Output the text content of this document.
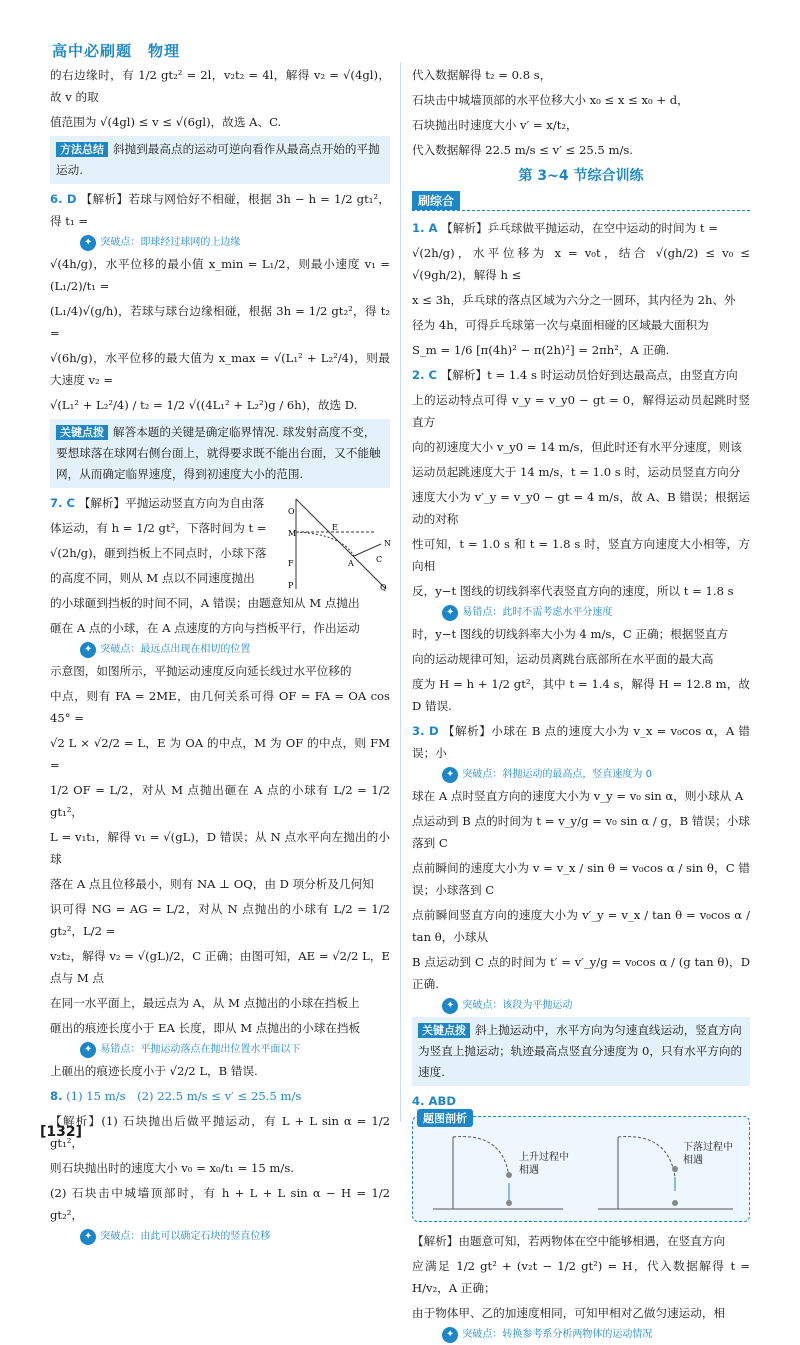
高中必刷题　物理

的右边缘时，有 1/2 gt₂² = 2l，v₂t₂ = 4l，解得 v₂ = √(4gl)，故 v 的取

值范围为 √(4gl) ≤ v ≤ √(6gl)，故选 A、C.

方法总结 斜抛到最高点的运动可逆向看作从最高点开始的平抛运动.

6. D 【解析】若球与网恰好不相碰，根据 3h − h = 1/2 gt₁²，得 t₁ =

✦ 突破点：即球经过球网的上边缘

√(4h/g)，水平位移的最小值 x_min = L₁/2，则最小速度 v₁ = (L₁/2)/t₁ =

(L₁/4)√(g/h)，若球与球台边缘相碰，根据 3h = 1/2 gt₂²，得 t₂ =

√(6h/g)，水平位移的最大值为 x_max = √(L₁² + L₂²/4)，则最大速度 v₂ =

√(L₁² + L₂²/4) / t₂ = 1/2 √((4L₁² + L₂²)g / 6h)，故选 D.

关键点拨 解答本题的关键是确定临界情况. 球发射高度不变，要想球落在球网右侧台面上，就得要求既不能出台面，又不能触网，从而确定临界速度，得到初速度大小的范围.
O
M
F
P
E
N
C
A
Q

7. C 【解析】平抛运动竖直方向为自由落

体运动，有 h = 1/2 gt²，下落时间为 t =

√(2h/g)，砸到挡板上不同点时，小球下落

的高度不同，则从 M 点以不同速度抛出

的小球砸到挡板的时间不同，A 错误；由题意知从 M 点抛出

砸在 A 点的小球，在 A 点速度的方向与挡板平行，作出运动

✦ 突破点：最远点出现在相切的位置

示意图，如图所示，平抛运动速度反向延长线过水平位移的

中点，则有 FA = 2ME，由几何关系可得 OF = FA = OA cos 45° =

√2 L × √2/2 = L，E 为 OA 的中点，M 为 OF 的中点，则 FM =

1/2 OF = L/2，对从 M 点抛出砸在 A 点的小球有 L/2 = 1/2 gt₁²，

L = v₁t₁，解得 v₁ = √(gL)，D 错误；从 N 点水平向左抛出的小球

落在 A 点且位移最小，则有 NA ⊥ OQ，由 D 项分析及几何知

识可得 NG = AG = L/2，对从 N 点抛出的小球有 L/2 = 1/2 gt₂²，L/2 =

v₂t₂，解得 v₂ = √(gL)/2，C 正确；由图可知，AE = √2/2 L，E 点与 M 点

在同一水平面上，最远点为 A，从 M 点抛出的小球在挡板上

砸出的痕迹长度小于 EA 长度，即从 M 点抛出的小球在挡板

✦ 易错点：平抛运动落点在抛出位置水平面以下

上砸出的痕迹长度小于 √2/2 L，B 错误.

8. (1) 15 m/s　(2) 22.5 m/s ≤ v′ ≤ 25.5 m/s

【解析】(1) 石块抛出后做平抛运动，有 L + L sin α = 1/2 gt₁²，

则石块抛出时的速度大小 v₀ = x₀/t₁ = 15 m/s.

(2) 石块击中城墙顶部时，有 h + L + L sin α − H = 1/2 gt₂²，

✦ 突破点：由此可以确定石块的竖直位移

代入数据解得 t₂ = 0.8 s，

石块击中城墙顶部的水平位移大小 x₀ ≤ x ≤ x₀ + d，

石块抛出时速度大小 v′ = x/t₂，

代入数据解得 22.5 m/s ≤ v′ ≤ 25.5 m/s.

第 3~4 节综合训练
刷综合

1. A 【解析】乒乓球做平抛运动，在空中运动的时间为 t =

√(2h/g)，水平位移为 x = v₀t，结合 √(gh/2) ≤ v₀ ≤ √(9gh/2)，解得 h ≤

x ≤ 3h，乒乓球的落点区域为六分之一圆环，其内径为 2h、外

径为 4h，可得乒乓球第一次与桌面相碰的区域最大面积为

S_m = 1/6 [π(4h)² − π(2h)²] = 2πh²，A 正确.

2. C 【解析】t = 1.4 s 时运动员恰好到达最高点，由竖直方向

上的运动特点可得 v_y = v_y0 − gt = 0，解得运动员起跳时竖直方

向的初速度大小 v_y0 = 14 m/s，但此时还有水平分速度，则该

运动员起跳速度大于 14 m/s，t = 1.0 s 时，运动员竖直方向分

速度大小为 v′_y = v_y0 − gt = 4 m/s，故 A、B 错误；根据运动的对称

性可知，t = 1.0 s 和 t = 1.8 s 时，竖直方向速度大小相等，方向相

反，y−t 图线的切线斜率代表竖直方向的速度，所以 t = 1.8 s

✦ 易错点：此时不需考虑水平分速度

时，y−t 图线的切线斜率大小为 4 m/s，C 正确；根据竖直方

向的运动规律可知，运动员离跳台底部所在水平面的最大高

度为 H = h + 1/2 gt²，其中 t = 1.4 s，解得 H = 12.8 m，故 D 错误.

3. D 【解析】小球在 B 点的速度大小为 v_x = v₀cos α，A 错误；小

✦ 突破点：斜抛运动的最高点，竖直速度为 0

球在 A 点时竖直方向的速度大小为 v_y = v₀ sin α，则小球从 A

点运动到 B 点的时间为 t = v_y/g = v₀ sin α / g，B 错误；小球落到 C

点前瞬间的速度大小为 v = v_x / sin θ = v₀cos α / sin θ，C 错误；小球落到 C

点前瞬间竖直方向的速度大小为 v′_y = v_x / tan θ = v₀cos α / tan θ，小球从

B 点运动到 C 点的时间为 t′ = v′_y/g = v₀cos α / (g tan θ)，D 正确.

✦ 突破点：该段为平抛运动
关键点拨 斜上抛运动中，水平方向为匀速直线运动，竖直方向为竖直上抛运动；轨迹最高点竖直分速度为 0，只有水平方向的速度.

4. ABD

题图剖析
上升过程中相遇
下落过程中相遇

【解析】由题意可知，若两物体在空中能够相遇，在竖直方向

应满足 1/2 gt² + (v₂t − 1/2 gt²) = H，代入数据解得 t = H/v₂，A 正确；

由于物体甲、乙的加速度相同，可知甲相对乙做匀速运动，相

✦ 突破点：转换参考系分析两物体的运动情况
[132]
